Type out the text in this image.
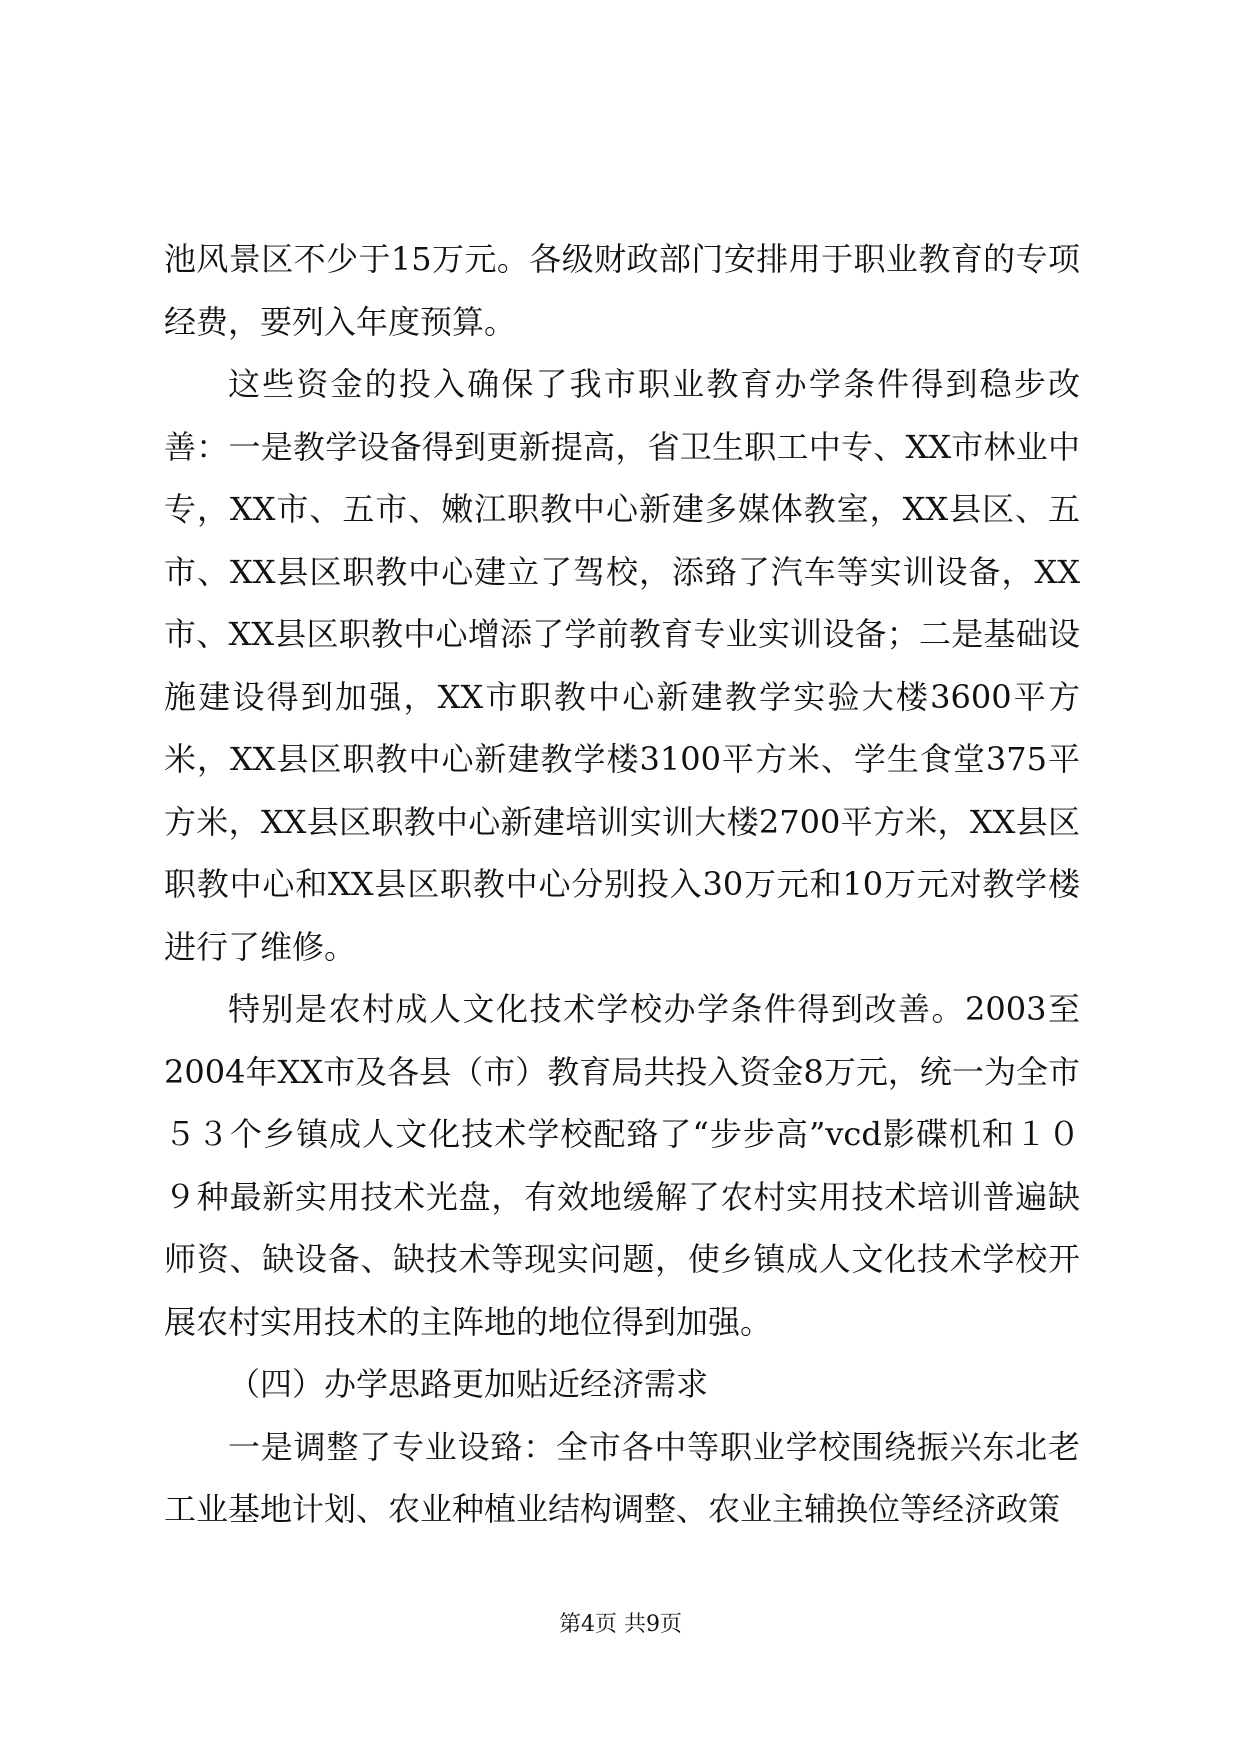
池风景区不少于15万元。各级财政部门安排用于职业教育的专项经费，要列入年度预算。

这些资金的投入确保了我市职业教育办学条件得到稳步改善：一是教学设备得到更新提高，省卫生职工中专、XX市林业中专，XX市、五市、嫩江职教中心新建多媒体教室，XX县区、五市、XX县区职教中心建立了驾校，添臵了汽车等实训设备，XX市、XX县区职教中心增添了学前教育专业实训设备；二是基础设施建设得到加强，XX市职教中心新建教学实验大楼3600平方米，XX县区职教中心新建教学楼3100平方米、学生食堂375平方米，XX县区职教中心新建培训实训大楼2700平方米，XX县区职教中心和XX县区职教中心分别投入30万元和10万元对教学楼进行了维修。

特别是农村成人文化技术学校办学条件得到改善。2003至2004年XX市及各县（市）教育局共投入资金8万元，统一为全市５３个乡镇成人文化技术学校配臵了“步步高”vcd影碟机和１０９种最新实用技术光盘，有效地缓解了农村实用技术培训普遍缺师资、缺设备、缺技术等现实问题，使乡镇成人文化技术学校开展农村实用技术的主阵地的地位得到加强。

（四）办学思路更加贴近经济需求

一是调整了专业设臵：全市各中等职业学校围绕振兴东北老工业基地计划、农业种植业结构调整、农业主辅换位等经济政策

第4页 共9页
